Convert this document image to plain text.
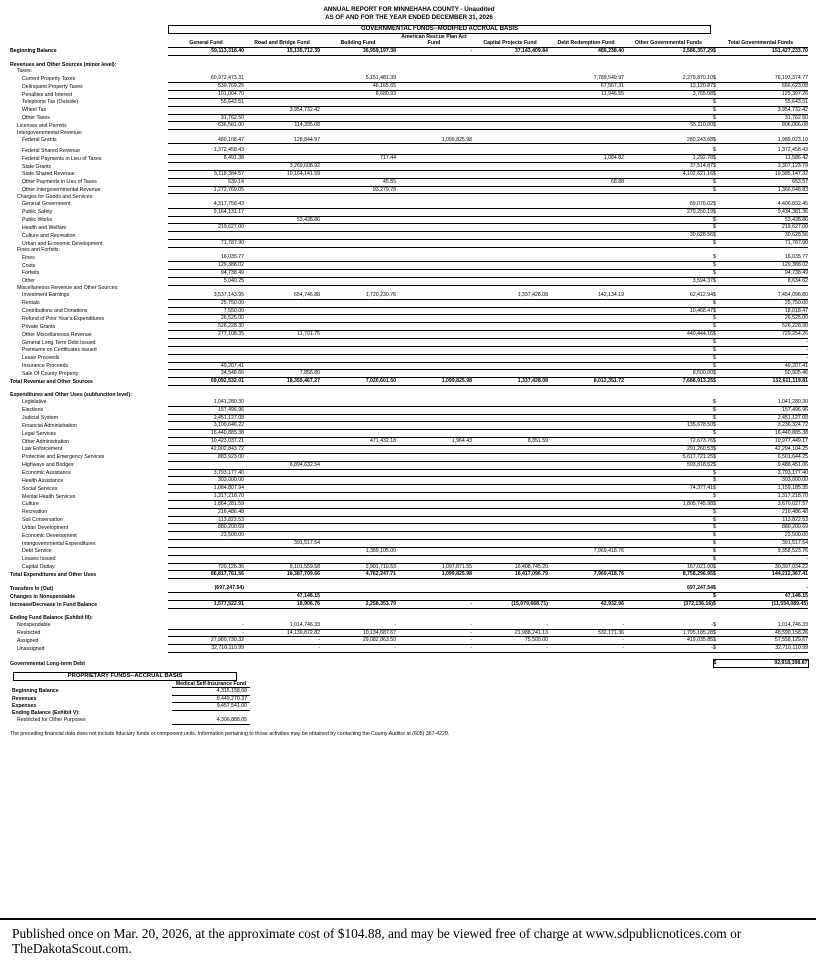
ANNUAL REPORT FOR MINNEHAHA COUNTY - Unaudited
AS OF AND FOR THE YEAR ENDED DECEMBER 31, 2026
GOVERNMENTAL FUNDS--MODIFIED ACCRUAL BASIS
	General Fund	Road and Bridge Fund	Building Fund	American Rescue Plan Act Fund	Capital Projects Fund	Debt Redemption Fund	Other Governmental Funds	Total Governmental Funds		
Beginning Balance	59,113,318.40	15,135,712.39	36,959,197.38	-	37,143,409.84	489,238.40	2,586,357.29	$	151,427,233.70	

Revenues and Other Sources (minor level):										
Taxes:										
Current Property Taxes	60,972,473.31		5,151,481.39			7,789,549.97	2,279,870.10	$	76,193,374.77	
Delinquent Property Taxes	539,769.25		46,165.65			67,567.31	13,120.87	$	666,623.08	
Penalties and Interest	101,004.70		8,680.93			11,946.55	3,765.08	$	125,397.26	
Telephone Tax (Outside)	55,643.51							$	55,643.51	
Wheel Tax		3,954,732.42						$	3,954,732.42	
Other Taxes	31,762.50							$	31,762.50	
Licenses and Permits	636,561.00	114,395.08					55,110.00	$	806,066.08	
Intergovernmental Revenue:										
Federal Grants	480,108.47	128,844.97		1,099,825.98			280,243.68	$	1,989,023.10	

Federal Shared Revenue	1,372,458.43							$	1,372,458.43	
Federal Payments in Lieu of Taxes	8,491.38		717.44			1,084.82	1,292.78	$	11,586.42	
State Grants		3,269,608.92					37,514.87	$	3,307,123.79	
State Shared Revenue:	5,118,384.57	10,164,141.59					4,102,621.16	$	19,385,147.32	
Other Payments in Lieu of Taxes	539.14		45.55			68.88		$	653.57	
Other Intergovernmental Revenue	1,272,769.05		93,279.78					$	1,366,048.83	
Charges for Goods and Services:										
General Government	4,317,756.43						89,076.02	$	4,406,832.45	
Public Safety	9,164,131.17						270,250.19	$	9,434,381.36	
Public Works		53,438.86						$	53,438.86	
Health and Welfare	219,627.00							$	219,627.00	
Culture and Recreation							30,628.56	$	30,628.56	
Urban and Economic Development	71,787.90							$	71,787.90	
Fines and Forfeits:										
Fines	16,035.77							$	16,035.77	
Costs	129,388.02							$	129,388.02	
Forfeits	94,738.49							$	94,738.49	
Other	5,040.25						3,594.37	$	8,634.62	
Miscellaneous Revenue and Other Sources:										
Investment Earnings	3,537,143.95	654,746.88	1,720,230.76		1,337,428.08	142,134.19	62,412.94	$	7,454,096.80	
Rentals	25,750.00							$	25,750.00	
Contributions and Donations	7,550.00						10,468.47	$	18,018.47	
Refund of Prior Year's Expenditures	26,525.00							$	26,525.00	
Private Grants	526,228.30							$	526,228.30	
Other Miscellaneous Revenue	277,108.35	11,701.75					440,444.16	$	729,254.26	
General Long Term Debt Issued								$	-	
Premiums on Certificates Issued								$	-	
Lease Proceeds								$	-	
Insurance Proceeds	49,207.41							$	49,207.41	
Sale Of County Property	34,548.66	7,856.80					8,500.00	$	50,905.46	
Total Revenue and Other Sources	69,092,532.01	18,359,467.27	7,020,601.50	1,099,825.98	1,337,428.08	8,012,351.72	7,688,913.25	$	132,611,119.81	

Expenditures and Other Uses (subfunction level):										
Legislative	1,041,280.30							$	1,041,280.30	
Elections	157,496.96							$	157,496.96	
Judicial System	2,451,127.08							$	2,451,127.08	
Financial Administration	3,100,646.22						135,678.50	$	3,236,324.72	
Legal Services	16,440,885.38							$	16,440,885.38	
Other Administration	10,423,037.21		471,432.18	1,964.43	8,351.59		72,673.76	$	10,977,449.17	
Law Enforcement	42,002,843.72						291,260.53	$	42,294,104.25	
Protective and Emergency Services	883,923.00						5,617,721.25	$	6,501,644.25	
Highways and Bridges		8,894,632.54					593,818.52	$	9,488,451.06	
Economic Assistance	3,793,177.40							$	3,793,177.40	
Health Assistance	303,000.00							$	303,000.00	
Social Services	1,084,807.94						74,377.41	$	1,159,185.35	
Mental Health Services	1,317,218.70							$	1,317,218.70	
Culture	1,864,281.59						1,805,745.98	$	3,670,027.57	
Recreation	216,486.48							$	216,486.48	
Soil Conservation	113,822.53							$	113,822.53	
Urban Development	880,200.69							$	880,200.69	
Economic Development	23,500.00							$	23,500.00	
Intergovernmental Expenditures		391,517.54						$	391,517.54	
Debt Service			1,389,105.00			7,969,418.76		$	9,358,523.76	
Leases Issued								$	-	
Capital Outlay	720,126.36	9,101,559.58	2,901,710.53	1,097,871.55	16,408,745.20		167,021.00	$	30,397,034.22	
Total Expenditures and Other Uses	86,817,761.56	18,387,709.66	4,762,247.71	1,099,825.98	16,417,096.79	7,969,418.76	8,758,296.95	$	144,212,367.41	

Transfers In (Out)	(697,247.54)						697,247.54	$	-	
Changes in Nonspendable		47,148.15						$	47,148.15	
Increase/Decrease in Fund Balance	1,577,522.91	18,906.76	2,258,353.79	-	(15,079,668.71)	42,932.96	(372,136.16)	$	(11,554,089.45)	

Ending Fund Balance (Exhibit III):										
Nonspendable	-	1,014,746.33	-	-	-	-	-	$	1,014,746.33	
Restricted	-	14,139,872.82	10,134,687.67	-	21,988,241.13	532,171.36	1,795,185.28	$	48,590,158.26	
Assigned	27,980,730.32	-	29,082,863.50	-	75,500.00	-	419,035.85	$	57,558,129.67	
Unassigned	32,710,110.99	-	-	-	-	-	-	$	32,710,110.99	

Governmental Long-term Debt								$	92,918,398.87	
PROPRIETARY FUNDS--ACCRUAL BASIS
	Medical Self-Insurance Fund
Beginning Balance	4,315,158.68
Revenues	9,449,270.37
Expenses	9,457,541.00
Ending Balance (Exhibit V):	
Restricted for Other Purposes	4,306,888.05
The preceding financial data does not include fiduciary funds or component units. Information pertaining to those activities may be obtained by contacting the County Auditor at (605) 367-4220.
Published once on Mar. 20, 2026, at the approximate cost of $104.88, and may be viewed free of charge at www.sdpublicnotices.com or TheDakotaScout.com.
